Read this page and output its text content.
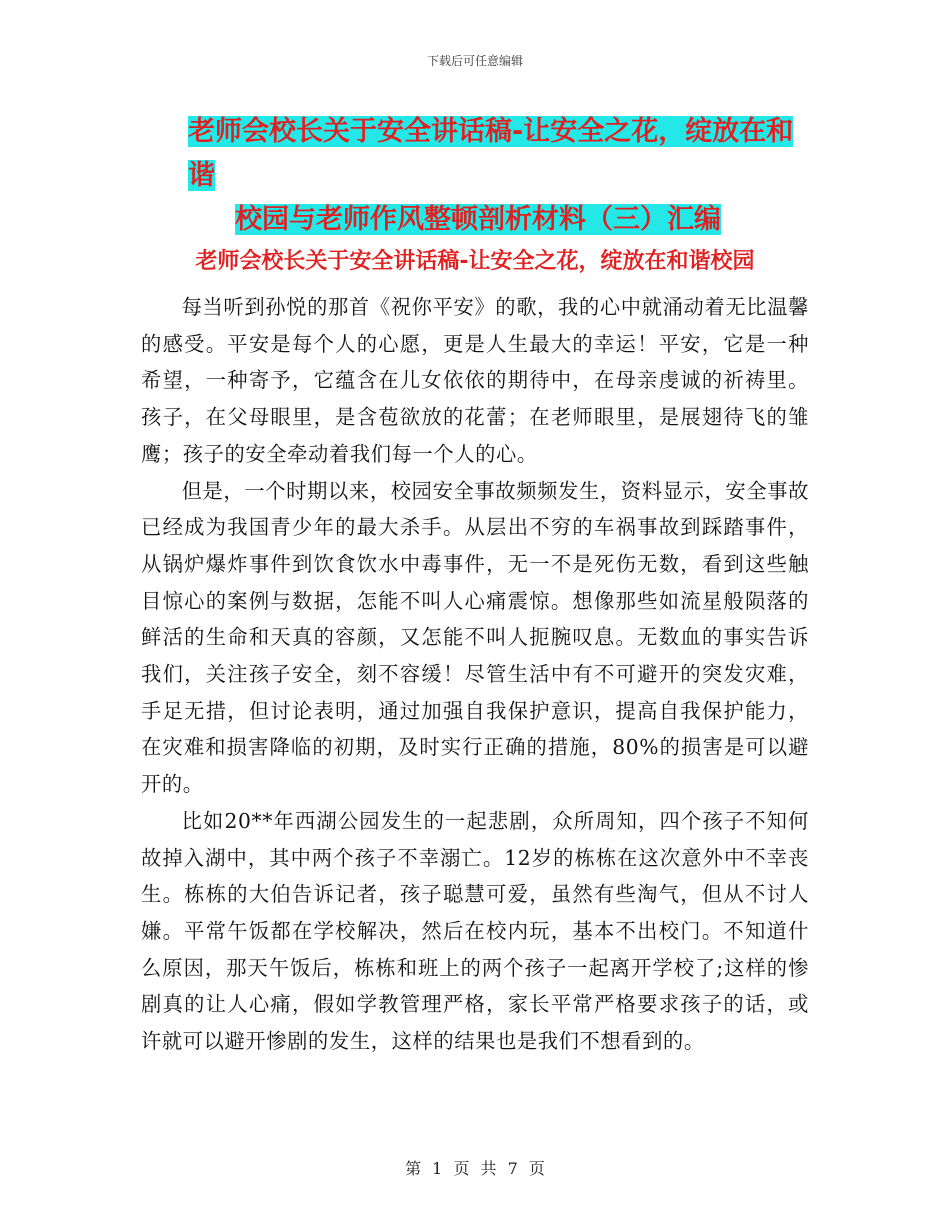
下载后可任意编辑
老师会校长关于安全讲话稿-让安全之花，绽放在和谐
校园与老师作风整顿剖析材料（三）汇编
老师会校长关于安全讲话稿-让安全之花，绽放在和谐校园

每当听到孙悦的那首《祝你平安》的歌，我的心中就涌动着无比温馨的感受。平安是每个人的心愿，更是人生最大的幸运！平安，它是一种希望，一种寄予，它蕴含在儿女依依的期待中，在母亲虔诚的祈祷里。孩子，在父母眼里，是含苞欲放的花蕾；在老师眼里，是展翅待飞的雏鹰；孩子的安全牵动着我们每一个人的心。

但是，一个时期以来，校园安全事故频频发生，资料显示，安全事故已经成为我国青少年的最大杀手。从层出不穷的车祸事故到踩踏事件，从锅炉爆炸事件到饮食饮水中毒事件，无一不是死伤无数，看到这些触目惊心的案例与数据，怎能不叫人心痛震惊。想像那些如流星般陨落的鲜活的生命和天真的容颜，又怎能不叫人扼腕叹息。无数血的事实告诉我们，关注孩子安全，刻不容缓！尽管生活中有不可避开的突发灾难，手足无措，但讨论表明，通过加强自我保护意识，提高自我保护能力，在灾难和损害降临的初期，及时实行正确的措施，80%的损害是可以避开的。

比如20**年西湖公园发生的一起悲剧，众所周知，四个孩子不知何故掉入湖中，其中两个孩子不幸溺亡。12岁的栋栋在这次意外中不幸丧生。栋栋的大伯告诉记者，孩子聪慧可爱，虽然有些淘气，但从不讨人嫌。平常午饭都在学校解决，然后在校内玩，基本不出校门。不知道什么原因，那天午饭后，栋栋和班上的两个孩子一起离开学校了;这样的惨剧真的让人心痛，假如学教管理严格，家长平常严格要求孩子的话，或许就可以避开惨剧的发生，这样的结果也是我们不想看到的。

第 1 页 共 7 页
